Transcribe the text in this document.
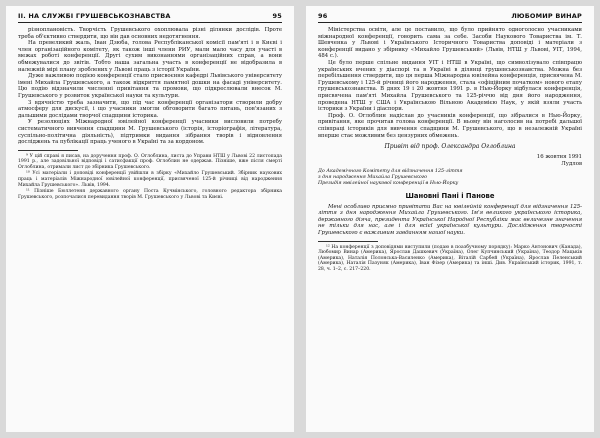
II. НА СЛУЖБІ ГРУШЕВСЬКОЗНАВСТВА	95

різноплановість. Творчість Грушевського охоплювала різні ділянки дослідів. Проте треба об'єктивно ствердити, що він дав основних недотягнення.

На превеликий жаль, Іван Дзюба, голова Республіканської комісії пам'яті і в Києві і член організаційного комітету, як також інші члени РИУ, мали мало часу для участі в межах роботі конференції. Другі сухим виконаннями організаційних справ, а вони обмежувалися до звітів. Тобто наша загальна участь в конференції не відобразила в належній мірі плану зроблених у Львові праць з історії України.

Дуже важливою подією конференції стало присвоєння кафедрі Львівського університету імені Михайла Грушевського, а також відкриття памятної дошки на фасаді університету. Цю подію відзначили численні привітання та промови, що підкреслювали внесок М. Грушевського у розвиток української науки та культури.

З вдячністю треба зазначити, що під час конференції організатори створили добру атмосферу для дискусії, і що учасники змогли обговорити багато питань, пов'язаних з дальшими дослідами творчої спадщини історика.

У резолюціях Міжнародної ювілейної конференції учасники висловили потребу систематичного вивчення спадщини М. Грушевського (історія, історіографія, література, суспільно-політична діяльність), підтримки видання зібрання творів і відновлення досліджень та публікації праць ученого в Україні та за кордоном.

⁹ У цій справі я писав, на доручення проф. О. Оглоблина, листа до Управи НТШ у Львові 22 листопада 1991 р., але задовільної відповіді і сатисфакції проф. Оглоблин не одержав. Пізніше, вже після смерті Оглоблина, отримали лист до збірника Грушевського.

¹⁰ Усі матеріали і доповіді конференції увійшли в збірку «Михайло Грушевський. Збірник наукових праць і матеріалів Міжнародної ювілейної конференції, присвяченої 125-й річниці від народження Михайла Грушевського». Львів, 1994.

¹¹ Пізніше Бюллетеня державного органу Поста Кучмінського, головного редактора збірника Грушевського, розпочалися перевидання творів М. Грушевського у Львові та Києві.

96	ЛЮБОМИР ВИНАР

Міністерства освіти, але це поставило, що було прийнято одноголосно учасниками міжнародної конференції, говорить сама за себе. Засоби Наукового Товариства ім. Т. Шевченка у Львові і Українського Історичного Товариства доповіді і матеріали з конференції видано у збірнику «Михайло Грушевський» (Львів, НТШ у Львові, УІТ, 1994, 484 с.).

Це було перше спільне видання УІТ і НТШ в Україні, що символізувало співпрацю українських вчених у діаспорі та в Україні в ділянці грушевськознавства. Можна без перебільшення ствердити, що ця перша Міжнародна ювілейна конференція, присвячена М. Грушевському і 125-й річниці його народження, стала «офіційним початком» нового етапу грушевськознавства. В днях 19 і 20 жовтня 1991 р. в Нью-Йорку відбулася конференція, присвячена пам'яті Михайла Грушевського та 125-річчю від дня його народження, проведена НТШ у США і Українською Вільною Академією Наук, у якій взяли участь історики з України і діаспори.

Проф. О. Оглоблин надіслав до учасників конференції, що зібралися в Нью-Йорку, привітання, яке прочитав голова конференції. В ньому він наголосив на потребі дальшої співпраці істориків для вивчення спадщини М. Грушевського, що в незалежній Україні вперше стає можливим без цензурних обмежень.

Привіт від проф. Олександра Оглоблина
16 жовтня 1991
Лудлов
До Академічного Комітету для відзначення 125-ліття
з дня народження Михайла Грушевського
Президія ювілейної наукової конференції в Нью-Йорку
Шановні Пані і Панове

Мені особливо приємно привітати Вас на ювілейній конференції для відзначення 125-ліття з дня народження Михайла Грушевського. Ім'я великого українського історика, державного діяча, президента Української Народної Республіки має величезне значення не тільки для нас, але і для всієї української культури. Дослідження творчості Грушевського є важливим завданням нашої науки.

¹² На конференції з доповідями виступили (подаю в поазбучному порядку): Марко Антонович (Канада), Любомир Винар (Америка), Ярослав Дашкевич (Україна), Олег Купчинський (Україна), Теодор Мацьків (Америка), Наталія Полонська-Василенко (Америка), Віталій Сарбей (Україна), Ярослав Пеленський (Америка), Наталія Пазуняк (Америка), Іван Фізер (Америка) та інші. Див. Український історик, 1991, т. 28, ч. 1–2, с. 217–220.
